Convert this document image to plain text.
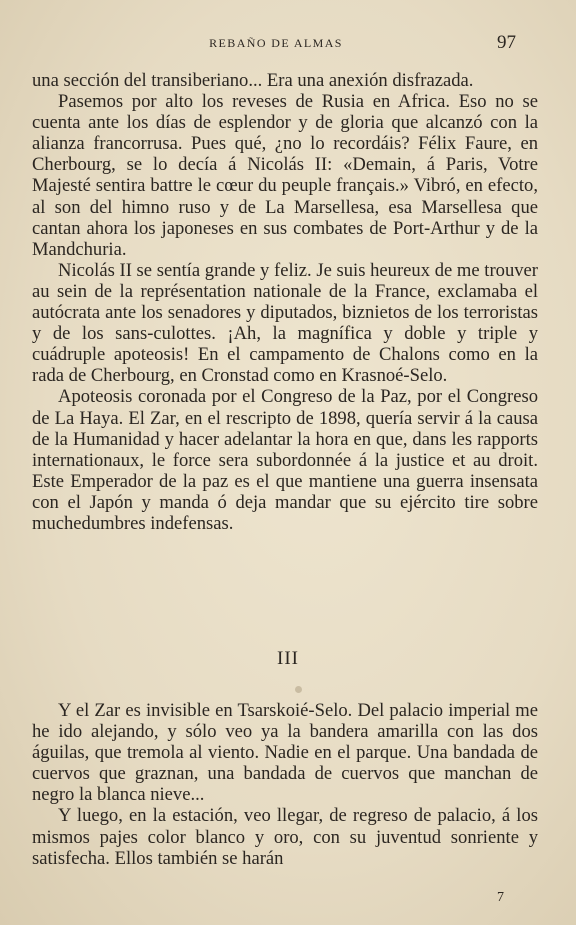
REBAÑO DE ALMAS	97

una sección del transiberiano... Era una anexión disfrazada.

Pasemos por alto los reveses de Rusia en Africa. Eso no se cuenta ante los días de esplendor y de gloria que alcanzó con la alianza francorrusa. Pues qué, ¿no lo recordáis? Félix Faure, en Cherbourg, se lo decía á Nicolás II: «Demain, á Paris, Votre Majesté sentira battre le cœur du peuple français.» Vibró, en efecto, al son del himno ruso y de La Marsellesa, esa Marsellesa que cantan ahora los japoneses en sus combates de Port-Arthur y de la Mandchuria.

Nicolás II se sentía grande y feliz. Je suis heureux de me trouver au sein de la représentation nationale de la France, exclamaba el autócrata ante los senadores y diputados, biznietos de los terroristas y de los sans-culottes. ¡Ah, la magnífica y doble y triple y cuádruple apoteosis! En el campamento de Chalons como en la rada de Cherbourg, en Cronstad como en Krasnoé-Selo.

Apoteosis coronada por el Congreso de la Paz, por el Congreso de La Haya. El Zar, en el rescripto de 1898, quería servir á la causa de la Humanidad y hacer adelantar la hora en que, dans les rapports internationaux, le force sera subordonnée á la justice et au droit. Este Emperador de la paz es el que mantiene una guerra insensata con el Japón y manda ó deja mandar que su ejército tire sobre muchedumbres indefensas.

III

Y el Zar es invisible en Tsarskoié-Selo. Del palacio imperial me he ido alejando, y sólo veo ya la bandera amarilla con las dos águilas, que tremola al viento. Nadie en el parque. Una bandada de cuervos que graznan, una bandada de cuervos que manchan de negro la blanca nieve...

Y luego, en la estación, veo llegar, de regreso de palacio, á los mismos pajes color blanco y oro, con su juventud sonriente y satisfecha. Ellos también se harán

7
